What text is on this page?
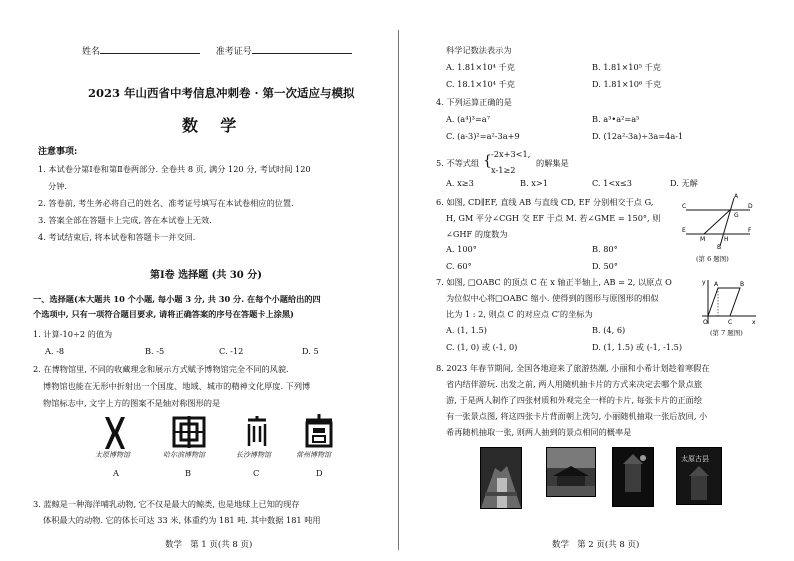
姓名	准考证号
2023 年山西省中考信息冲刺卷 · 第一次适应与模拟
数    学
注意事项:
1. 本试卷分第Ⅰ卷和第Ⅱ卷两部分. 全卷共 8 页, 满分 120 分, 考试时间 120
分钟.
2. 答卷前, 考生务必将自己的姓名、准考证号填写在本试卷相应的位置.
3. 答案全部在答题卡上完成, 答在本试卷上无效.
4. 考试结束后, 将本试卷和答题卡一并交回.
第Ⅰ卷 选择题 (共 30 分)
一、选择题(本大题共 10 个小题, 每小题 3 分, 共 30 分. 在每个小题给出的四
个选项中, 只有一项符合题目要求, 请将正确答案的序号在答题卡上涂黑)
1. 计算-10÷2 的值为
A. -8	B. -5	C. -12	D. 5
2. 在博物馆里, 不同的收藏理念和展示方式赋予博物馆完全不同的风貌.
博物馆也能在无形中折射出一个国度、地域、城市的精神文化厚度. 下列博
物馆标志中, 文字上方的图案不是轴对称图形的是
太原博物馆
A
哈尔滨博物馆
B
长沙博物馆
C
常州博物馆
D
3. 蓝鲸是一种海洋哺乳动物, 它不仅是最大的鲸类, 也是地球上已知的现存
体积最大的动物. 它的体长可达 33 米, 体重约为 181 吨. 其中数据 181 吨用
数学   第 1 页(共 8 页)
科学记数法表示为
A. 1.81×10⁴ 千克	B. 1.81×10⁵ 千克
C. 18.1×10⁴ 千克	D. 1.81×10⁶ 千克
4. 下列运算正确的是
A. (a⁴)³=a⁷	B. a³•a²=a⁵
C. (a-3)²=a²-3a+9	D. (12a²-3a)÷3a=4a-1
5. 不等式组 { -2x+3<1,
x-1≥2
的解集是
A. x≥3	B. x>1	C. 1<x≤3	D. 无解
6. 如图, CD∥EF, 直线 AB 与直线 CD, EF 分别相交于点 G,
H, GM 平分∠CGH 交 EF 于点 M. 若∠GME = 150°, 则
∠GHF 的度数为
A. 100°	B. 80°
C. 60°	D. 50°
A
B
C	D
E	F
G
H
M
(第 6 题图)
7. 如图, □OABC 的顶点 C 在 x 轴正半轴上, AB = 2, 以原点 O
为位似中心将□OABC 缩小. 使得到的图形与原图形的相似
比为 1 : 2, 则点 C 的对应点 C′的坐标为
A. (1, 1.5)	B. (4, 6)
C. (1, 0) 或 (-1, 0)	D. (1, 1.5) 或 (-1, -1.5)
y
x
O
A	B
C
(第 7 题图)
8. 2023 年春节期间, 全国各地迎来了旅游热潮, 小丽和小希计划趁着寒假在
省内结伴游玩. 出发之前, 两人用随机抽卡片的方式来决定去哪个景点旅
游, 于是两人制作了四张材质和外观完全一样的卡片, 每张卡片的正面绘
有一张景点图, 将这四张卡片背面朝上洗匀, 小丽随机抽取一张后放回, 小
希再随机抽取一张, 则两人抽到的景点相同的概率是
太原古县
数学   第 2 页(共 8 页)
